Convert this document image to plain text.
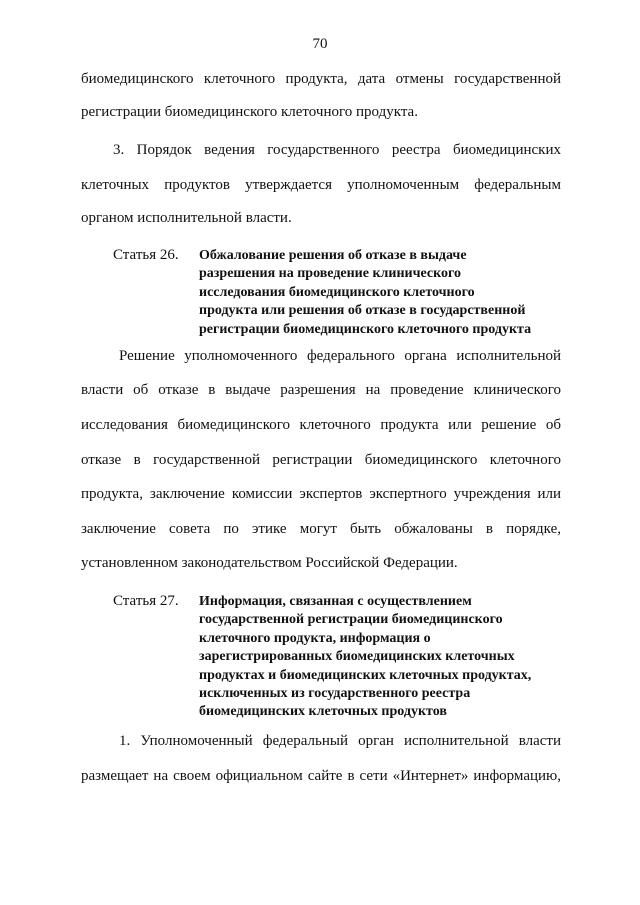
70
биомедицинского клеточного продукта, дата отмены государственной
регистрации биомедицинского клеточного продукта.
3. Порядок ведения государственного реестра биомедицинских
клеточных продуктов утверждается уполномоченным федеральным
органом исполнительной власти.
Статья 26. Обжалование решения об отказе в выдаче
разрешения на проведение клинического
исследования биомедицинского клеточного
продукта или решения об отказе в государственной
регистрации биомедицинского клеточного продукта
Решение уполномоченного федерального органа исполнительной
власти об отказе в выдаче разрешения на проведение клинического
исследования биомедицинского клеточного продукта или решение об
отказе в государственной регистрации биомедицинского клеточного
продукта, заключение комиссии экспертов экспертного учреждения или
заключение совета по этике могут быть обжалованы в порядке,
установленном законодательством Российской Федерации.
Статья 27. Информация, связанная с осуществлением
государственной регистрации биомедицинского
клеточного продукта, информация о
зарегистрированных биомедицинских клеточных
продуктах и биомедицинских клеточных продуктах,
исключенных из государственного реестра
биомедицинских клеточных продуктов
1. Уполномоченный федеральный орган исполнительной власти
размещает на своем официальном сайте в сети «Интернет» информацию,
